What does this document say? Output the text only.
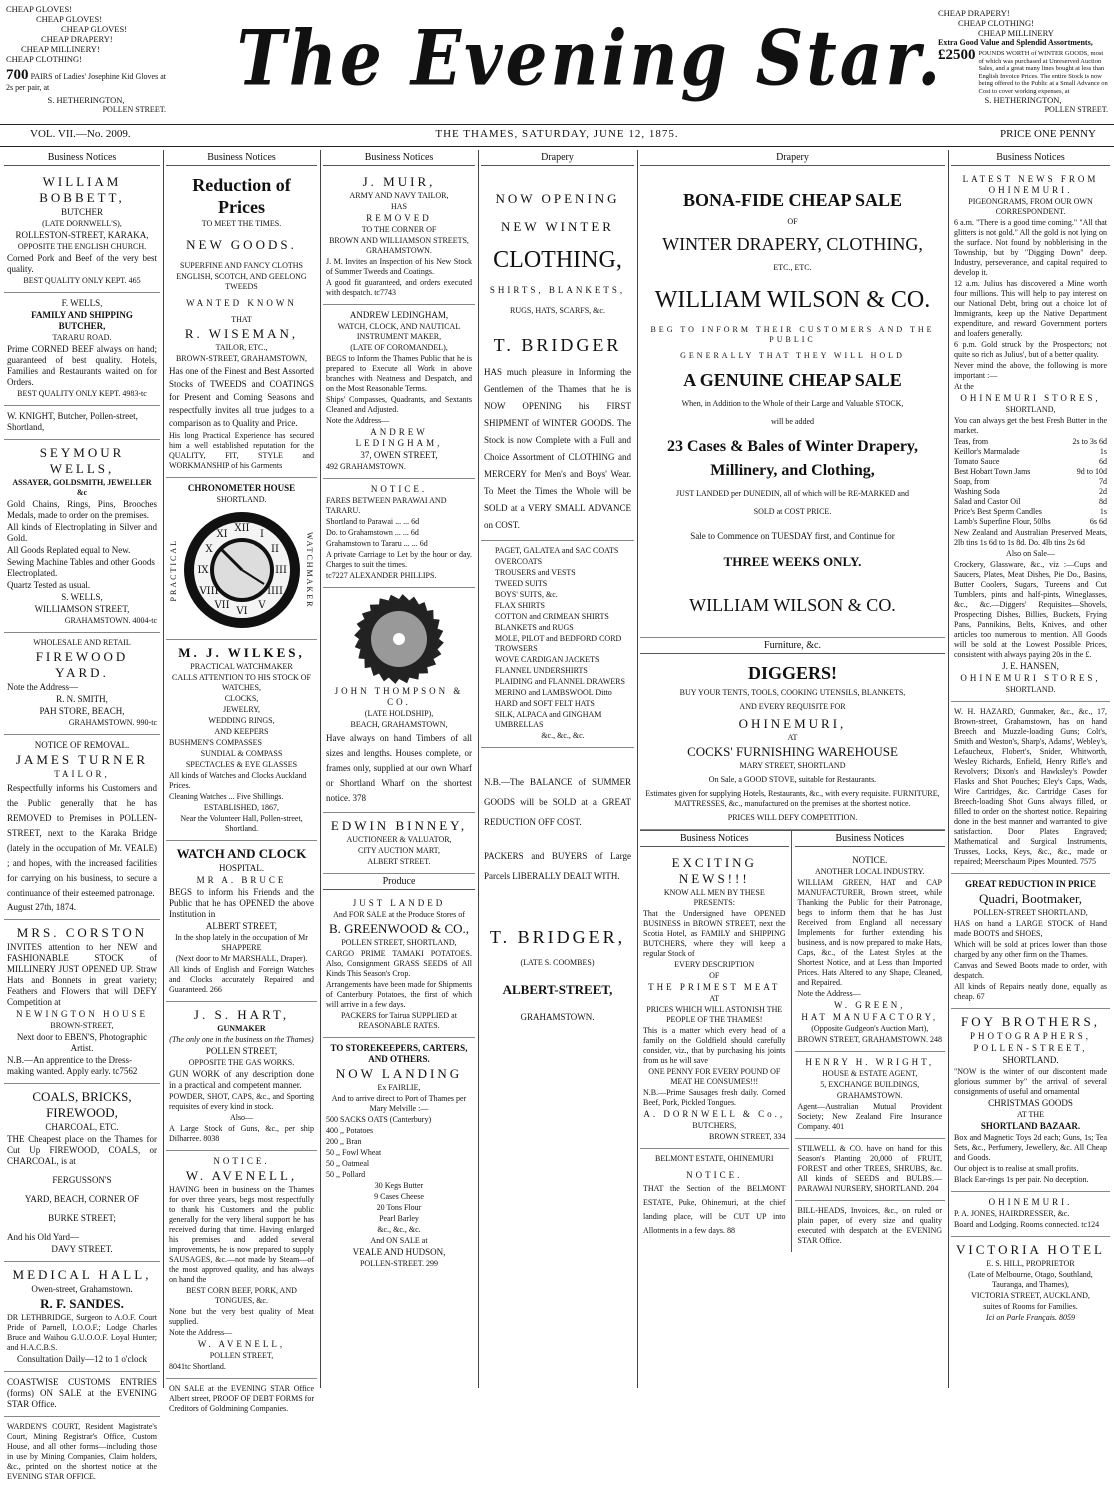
CHEAP GLOVES!
CHEAP GLOVES!
CHEAP GLOVES!
CHEAP DRAPERY!
CHEAP MILLINERY!
CHEAP CLOTHING!
700 PAIRS of Ladies' Josephine Kid Gloves at 2s per pair, at
S. HETHERINGTON,
POLLEN STREET.
The Evening Star.
CHEAP DRAPERY!
CHEAP CLOTHING!
CHEAP MILLINERY
Extra Good Value and Splendid Assortments,
£2500 POUNDS WORTH of WINTER GOODS, most of which was purchased at Unreserved Auction Sales, and a great many lines bought at less than English Invoice Prices. The entire Stock is now being offered to the Public at a Small Advance on Cost to cover working expenses, at
S. HETHERINGTON,
POLLEN STREET.
VOL. VII.—No. 2009.	THE THAMES, SATURDAY, JUNE 12, 1875.	PRICE ONE PENNY
Business Notices

WILLIAM BOBBETT,

BUTCHER

(LATE DORNWELL'S),

ROLLESTON-STREET, KARAKA,

OPPOSITE THE ENGLISH CHURCH.

Corned Pork and Beef of the very best quality.

BEST QUALITY ONLY KEPT. 465

F. WELLS,

FAMILY AND SHIPPING BUTCHER,

TARARU ROAD.

Prime CORNED BEEF always on hand; guaranteed of best quality. Hotels, Families and Restaurants waited on for Orders.

BEST QUALITY ONLY KEPT. 4983-tc

W. KNIGHT, Butcher, Pollen-street, Shortland,

SEYMOUR WELLS,

ASSAYER, GOLDSMITH, JEWELLER &c

Gold Chains, Rings, Pins, Brooches Medals, made to order on the premises.

All kinds of Electroplating in Silver and Gold.

All Goods Replated equal to New.

Sewing Machine Tables and other Goods Electroplated.

Quartz Tested as usual.

S. WELLS,

WILLIAMSON STREET,

GRAHAMSTOWN. 4004-tc

WHOLESALE AND RETAIL

FIREWOOD YARD.

Note the Address—

R. N. SMITH,

PAH STORE, BEACH,

GRAHAMSTOWN. 990-tc

NOTICE OF REMOVAL.

JAMES TURNER

TAILOR,

Respectfully informs his Customers and the Public generally that he has REMOVED to Premises in POLLEN-STREET, next to the Karaka Bridge (lately in the occupation of Mr. VEALE) ; and hopes, with the increased facilities for carrying on his business, to secure a continuance of their esteemed patronage.

August 27th, 1874.

MRS. CORSTON

INVITES attention to her NEW and FASHIONABLE STOCK of MILLINERY JUST OPENED UP. Straw Hats and Bonnets in great variety; Feathers and Flowers that will DEFY Competition at

NEWINGTON HOUSE

BROWN-STREET,

Next door to EBEN'S, Photographic Artist.

N.B.—An apprentice to the Dress-making wanted. Apply early. tc7562

COALS, BRICKS, FIREWOOD,

CHARCOAL, ETC.

THE Cheapest place on the Thames for Cut Up FIREWOOD, COALS, or CHARCOAL, is at

FERGUSSON'S

YARD, BEACH, CORNER OF

BURKE STREET;

And his Old Yard—

DAVY STREET.

MEDICAL HALL,

Owen-street, Grahamstown.

R. F. SANDES.

DR LETHBRIDGE, Surgeon to A.O.F. Court Pride of Parnell, I.O.O.F.; Lodge Charles Bruce and Waihou G.U.O.O.F. Loyal Hunter; and H.A.C.B.S.

Consultation Daily—12 to 1 o'clock

COASTWISE CUSTOMS ENTRIES (forms) ON SALE at the EVENING STAR Office.

WARDEN'S COURT, Resident Magistrate's Court, Mining Registrar's Office, Custom House, and all other forms—including those in use by Mining Companies, Claim holders, &c., printed on the shortest notice at the EVENING STAR OFFICE.

Business Notices

Reduction of Prices

TO MEET THE TIMES.

NEW GOODS.

SUPERFINE AND FANCY CLOTHS

ENGLISH, SCOTCH, AND GEELONG TWEEDS

WANTED KNOWN

THAT

R. WISEMAN,

TAILOR, ETC.,

BROWN-STREET, GRAHAMSTOWN,

Has one of the Finest and Best Assorted Stocks of TWEEDS and COATINGS for Present and Coming Seasons and respectfully invites all true judges to a comparison as to Quality and Price.

His long Practical Experience has secured him a well established reputation for the QUALITY, FIT, STYLE and WORKMANSHIP of his Garments

CHRONOMETER HOUSE

SHORTLAND.

PRACTICAL
XII
I
II
III
IIII
V
VI
VII
VIII
IX
X
XI	WATCHMAKER

M. J. WILKES,

PRACTICAL WATCHMAKER

CALLS ATTENTION TO HIS STOCK OF WATCHES,

CLOCKS,

JEWELRY,

WEDDING RINGS,

AND KEEPERS

BUSHMEN'S COMPASSES

SUNDIAL & COMPASS

SPECTACLES & EYE GLASSES

All kinds of Watches and Clocks Auckland Prices.

Cleaning Watches ... Five Shillings.

ESTABLISHED, 1867,

Near the Volunteer Hall, Pollen-street, Shortland.

WATCH AND CLOCK

HOSPITAL.

MR A. BRUCE

BEGS to inform his Friends and the Public that he has OPENED the above Institution in

ALBERT STREET,

In the shop lately in the occupation of Mr SHAPPERE

(Next door to Mr MARSHALL, Draper).

All kinds of English and Foreign Watches and Clocks accurately Repaired and Guaranteed. 266

J. S. HART,

GUNMAKER

(The only one in the business on the Thames)

POLLEN STREET,

OPPOSITE THE GAS WORKS.

GUN WORK of any description done in a practical and competent manner.

POWDER, SHOT, CAPS, &c., and Sporting requisites of every kind in stock.

Also—

A Large Stock of Guns, &c., per ship Dilharree. 8038

NOTICE.

W. AVENELL,

HAVING been in business on the Thames for over three years, begs most respectfully to thank his Customers and the public generally for the very liberal support he has received during that time. Having enlarged his premises and added several improvements, he is now prepared to supply SAUSAGES, &c.—not made by Steam—of the most approved quality, and has always on hand the

BEST CORN BEEF, PORK, AND TONGUES, &c.

None but the very best quality of Meat supplied.

Note the Address—

W. AVENELL,

POLLEN STREET,

8041tc Shortland.

ON SALE at the EVENING STAR Office Albert street, PROOF OF DEBT FORMS for Creditors of Goldmining Companies.

Business Notices

J. MUIR,

ARMY AND NAVY TAILOR,

HAS

REMOVED

TO THE CORNER OF

BROWN AND WILLIAMSON STREETS, GRAHAMSTOWN.

J. M. Invites an Inspection of his New Stock of Summer Tweeds and Coatings.

A good fit guaranteed, and orders executed with despatch. tc7743

ANDREW LEDINGHAM,

WATCH, CLOCK, AND NAUTICAL INSTRUMENT MAKER,

(LATE OF COROMANDEL),

BEGS to Inform the Thames Public that he is prepared to Execute all Work in above branches with Neatness and Despatch, and on the Most Reasonable Terms.

Ships' Compasses, Quadrants, and Sextants Cleaned and Adjusted.

Note the Address—

ANDREW LEDINGHAM,

37, OWEN STREET,

492 GRAHAMSTOWN.

NOTICE.

FARES BETWEEN PARAWAI AND TARARU.

Shortland to Parawai ... ... 6d

Do. to Grahamstown ... ... 6d

Grahamstown to Tararu ... ... 6d

A private Carriage to Let by the hour or day. Charges to suit the times.

tc7227 ALEXANDER PHILLIPS.

JOHN THOMPSON & CO.

(LATE HOLDSHIP),

BEACH, GRAHAMSTOWN,

Have always on hand Timbers of all sizes and lengths. Houses complete, or frames only, supplied at our own Wharf or Shortland Wharf on the shortest notice. 378

EDWIN BINNEY,

AUCTIONEER & VALUATOR,

CITY AUCTION MART,

ALBERT STREET.

Produce

JUST LANDED

And FOR SALE at the Produce Stores of

B. GREENWOOD & CO.,

POLLEN STREET, SHORTLAND,

CARGO PRIME TAMAKI POTATOES. Also, Consignment GRASS SEEDS of All Kinds This Season's Crop.

Arrangements have been made for Shipments of Canterbury Potatoes, the first of which will arrive in a few days.

PACKERS for Tairua SUPPLIED at REASONABLE RATES.

TO STOREKEEPERS, CARTERS, AND OTHERS.

NOW LANDING

Ex FAIRLIE,

And to arrive direct to Port of Thames per Mary Melville :—

500 SACKS OATS (Canterbury)

400 ,, Potatoes

200 ,, Bran

50 ,, Fowl Wheat

50 ,, Oatmeal

50 ,, Pollard

30 Kegs Butter

9 Cases Cheese

20 Tons Flour

Pearl Barley

&c., &c., &c.

And ON SALE at

VEALE AND HUDSON,

POLLEN-STREET. 299

Drapery

NOW OPENING

NEW WINTER

CLOTHING,

SHIRTS, BLANKETS,

RUGS, HATS, SCARFS, &c.

T. BRIDGER

HAS much pleasure in Informing the Gentlemen of the Thames that he is NOW OPENING his FIRST SHIPMENT of WINTER GOODS. The Stock is now Complete with a Full and Choice Assortment of CLOTHING and MERCERY for Men's and Boys' Wear. To Meet the Times the Whole will be SOLD at a VERY SMALL ADVANCE on COST.

PAGET, GALATEA and SAC COATS

OVERCOATS

TROUSERS and VESTS

TWEED SUITS

BOYS' SUITS, &c.

FLAX SHIRTS

COTTON and CRIMEAN SHIRTS

BLANKETS and RUGS

MOLE, PILOT and BEDFORD CORD TROWSERS

WOVE CARDIGAN JACKETS

FLANNEL UNDERSHIRTS

PLAIDING and FLANNEL DRAWERS

MERINO and LAMBSWOOL Ditto

HARD and SOFT FELT HATS

SILK, ALPACA and GINGHAM UMBRELLAS

&c., &c., &c.

N.B.—The BALANCE of SUMMER GOODS will be SOLD at a GREAT REDUCTION OFF COST.

PACKERS and BUYERS of Large Parcels LIBERALLY DEALT WITH.

T. BRIDGER,

(LATE S. COOMBES)

ALBERT-STREET,

GRAHAMSTOWN.

Drapery

BONA-FIDE CHEAP SALE

OF

WINTER DRAPERY, CLOTHING,

ETC., ETC.

WILLIAM WILSON & CO.

BEG TO INFORM THEIR CUSTOMERS AND THE PUBLIC

GENERALLY THAT THEY WILL HOLD

A GENUINE CHEAP SALE

When, in Addition to the Whole of their Large and Valuable STOCK,

will be added

23 Cases & Bales of Winter Drapery,

Millinery, and Clothing,

JUST LANDED per DUNEDIN, all of which will be RE-MARKED and

SOLD at COST PRICE.

Sale to Commence on TUESDAY first, and Continue for

THREE WEEKS ONLY.

WILLIAM WILSON & CO.

Furniture, &c.

DIGGERS!

BUY YOUR TENTS, TOOLS, COOKING UTENSILS, BLANKETS,

AND EVERY REQUISITE FOR

OHINEMURI,

AT

COCKS' FURNISHING WAREHOUSE

MARY STREET, SHORTLAND

On Sale, a GOOD STOVE, suitable for Restaurants.

Estimates given for supplying Hotels, Restaurants, &c., with every requisite. FURNITURE, MATTRESSES, &c., manufactured on the premises at the shortest notice.

PRICES WILL DEFY COMPETITION.

Business Notices

EXCITING NEWS!!!

KNOW ALL MEN BY THESE PRESENTS:

That the Undersigned have OPENED BUSINESS in BROWN STREET, next the Scotia Hotel, as FAMILY and SHIPPING BUTCHERS, where they will keep a regular Stock of

EVERY DESCRIPTION

OF

THE PRIMEST MEAT

AT

PRICES WHICH WILL ASTONISH THE PEOPLE OF THE THAMES!

This is a matter which every head of a family on the Goldfield should carefully consider, viz., that by purchasing his joints from us he will save

ONE PENNY FOR EVERY POUND OF MEAT HE CONSUMES!!!

N.B.—Prime Sausages fresh daily. Corned Beef, Pork, Pickled Tongues.

A. DORNWELL & Co.,

BUTCHERS,

BROWN STREET, 334

BELMONT ESTATE, OHINEMURI

NOTICE.

THAT the Section of the BELMONT ESTATE, Puke, Ohinemuri, at the chief landing place, will be CUT UP into Allotments in a few days. 88

Business Notices

NOTICE.

ANOTHER LOCAL INDUSTRY.

WILLIAM GREEN, HAT and CAP MANUFACTURER, Brown street, while Thanking the Public for their Patronage, begs to inform them that he has Just Received from England all necessary Implements for further extending his business, and is now prepared to make Hats, Caps, &c., of the Latest Styles at the Shortest Notice, and at Less than Imported Prices. Hats Altered to any Shape, Cleaned, and Repaired.

Note the Address—

W. GREEN,

HAT MANUFACTORY,

(Opposite Gudgeon's Auction Mart),

BROWN STREET, GRAHAMSTOWN. 248

HENRY H. WRIGHT,

HOUSE & ESTATE AGENT,

5, EXCHANGE BUILDINGS,

GRAHAMSTOWN.

Agent—Australian Mutual Provident Society; New Zealand Fire Insurance Company. 401

STILWELL & CO. have on hand for this Season's Planting 20,000 of FRUIT, FOREST and other TREES, SHRUBS, &c. All kinds of SEEDS and BULBS.—PARAWAI NURSERY, SHORTLAND. 204

BILL-HEADS, Invoices, &c., on ruled or plain paper, of every size and quality executed with despatch at the EVENING STAR Office.

Business Notices

LATEST NEWS FROM OHINEMURI.

PIGEONGRAMS, FROM OUR OWN CORRESPONDENT.

6 a.m. "There is a good time coming." "All that glitters is not gold." All the gold is not lying on the surface. Not found by nobblerising in the Township, but by "Digging Down" deep. Industry, perseverance, and capital required to develop it.

12 a.m. Julius has discovered a Mine worth four millions. This will help to pay interest on our National Debt, bring out a choice lot of Immigrants, keep up the Native Department expenditure, and reward Government porters and loafers generally.

6 p.m. Gold struck by the Prospectors; not quite so rich as Julius', but of a better quality.

Never mind the above, the following is more important :—

At the

OHINEMURI STORES,

SHORTLAND,

You can always get the best Fresh Butter in the market.

Teas, from	2s to 3s 6d
Keillor's Marmalade	1s
Tomato Sauce	6d
Best Hobart Town Jams	9d to 10d
Soap, from	7d
Washing Soda	2d
Salad and Castor Oil	8d
Price's Best Sperm Candles	1s
Lamb's Superfine Flour, 50lbs	6s 6d

New Zealand and Australian Preserved Meats, 2lb tins 1s 6d to 1s 8d. Do. 4lb tins 2s 6d

Also on Sale—

Crockery, Glassware, &c., viz :—Cups and Saucers, Plates, Meat Dishes, Pie Do., Basins, Butter Coolers, Sugars, Tureens and Cut Tumblers, pints and half-pints, Wineglasses, &c., &c.—Diggers' Requisites—Shovels, Prospecting Dishes, Billies, Buckets, Frying Pans, Pannikins, Belts, Knives, and other articles too numerous to mention. All Goods will be sold at the Lowest Possible Prices, consistent with always paying 20s in the £.

J. E. HANSEN,

OHINEMURI STORES,

SHORTLAND.

W. H. HAZARD, Gunmaker, &c., &c., 17, Brown-street, Grahamstown, has on hand Breech and Muzzle-loading Guns; Colt's, Smith and Weston's, Sharp's, Adams', Webley's, Lefaucheux, Flobert's, Snider, Whitworth, Wesley Richards, Enfield, Henry Rifle's and Revolvers; Dixon's and Hawksley's Powder Flasks and Shot Pouches; Eley's Caps, Wads, Wire Cartridges, &c. Cartridge Cases for Breech-loading Shot Guns always filled, or filled to order on the shortest notice. Repairing done in the best manner and warranted to give satisfaction. Door Plates Engraved; Mathematical and Surgical Instruments, Trusses, Locks, Keys, &c., &c., made or repaired; Meerschaum Pipes Mounted. 7575

GREAT REDUCTION IN PRICE

Quadri, Bootmaker,

POLLEN-STREET SHORTLAND,

HAS on hand a LARGE STOCK of Hand made BOOTS and SHOES,

Which will be sold at prices lower than those charged by any other firm on the Thames.

Canvas and Sewed Boots made to order, with despatch.

All kinds of Repairs neatly done, equally as cheap. 67

FOY BROTHERS,

PHOTOGRAPHERS,

POLLEN-STREET,

SHORTLAND.

"NOW is the winter of our discontent made glorious summer by" the arrival of several consignments of useful and ornamental

CHRISTMAS GOODS

AT THE

SHORTLAND BAZAAR.

Box and Magnetic Toys 2d each; Guns, 1s; Tea Sets, &c., Perfumery, Jewellery, &c. All Cheap and Goods.

Our object is to realise at small profits.

Black Ear-rings 1s per pair. No deception.

OHINEMURI.

P. A. JONES, HAIRDRESSER, &c.

Board and Lodging. Rooms connected. tc124

VICTORIA HOTEL

E. S. HILL, PROPRIETOR

(Late of Melbourne, Otago, Southland, Tauranga, and Thames),

VICTORIA STREET, AUCKLAND,

suites of Rooms for Families.

Ici on Parle Français. 8059
